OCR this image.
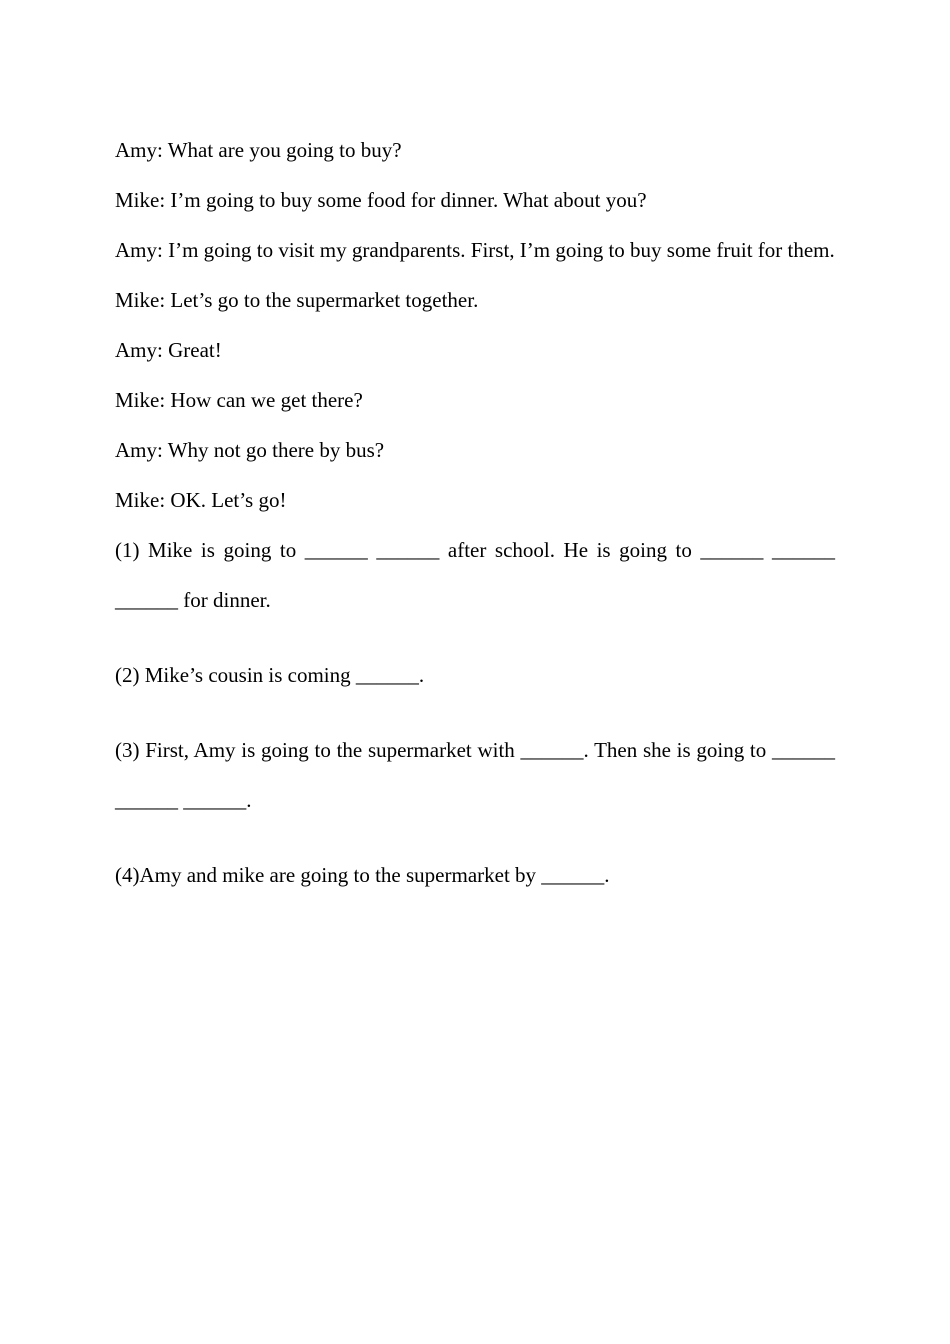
Amy: What are you going to buy?

Mike: I’m going to buy some food for dinner. What about you?

Amy: I’m going to visit my grandparents. First, I’m going to buy some fruit for them.

Mike: Let’s go to the supermarket together.

Amy: Great!

Mike: How can we get there?

Amy: Why not go there by bus?

Mike: OK. Let’s go!

(1) Mike is going to ______ ______ after school. He is going to ______ ______ ______ for dinner.

(2) Mike’s cousin is coming ______.

(3) First, Amy is going to the supermarket with ______. Then she is going to ______ ______ ______.

(4)Amy and mike are going to the supermarket by ______.
